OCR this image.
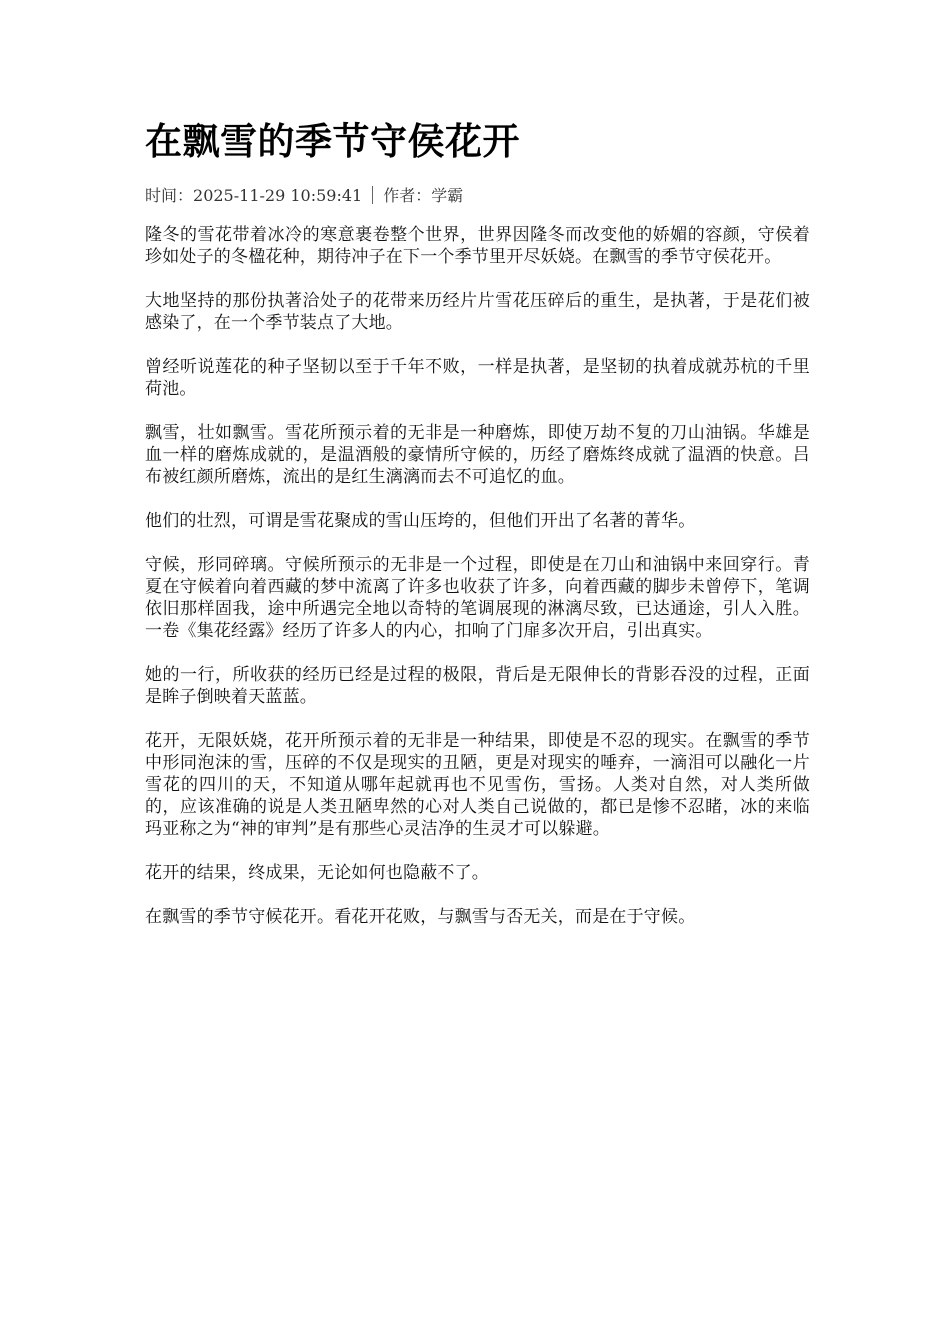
在飘雪的季节守侯花开
时间：2025-11-29 10:59:41 作者：学霸

隆冬的雪花带着冰冷的寒意裹卷整个世界，世界因隆冬而改变他的娇媚的容颜，守侯着珍如处子的冬楹花种，期待冲子在下一个季节里开尽妖娆。在飘雪的季节守侯花开。

大地坚持的那份执著洽处子的花带来历经片片雪花压碎后的重生，是执著，于是花们被感染了，在一个季节装点了大地。

曾经听说莲花的种子坚韧以至于千年不败，一样是执著，是坚韧的执着成就苏杭的千里荷池。

飘雪，壮如飘雪。雪花所预示着的无非是一种磨炼，即使万劫不复的刀山油锅。华雄是血一样的磨炼成就的，是温酒般的豪情所守候的，历经了磨炼终成就了温酒的快意。吕布被红颜所磨炼，流出的是红生漓漓而去不可追忆的血。

他们的壮烈，可谓是雪花聚成的雪山压垮的，但他们开出了名著的菁华。

守候，形同碎璃。守候所预示的无非是一个过程，即使是在刀山和油锅中来回穿行。青夏在守候着向着西藏的梦中流离了许多也收获了许多，向着西藏的脚步未曾停下，笔调依旧那样固我，途中所遇完全地以奇特的笔调展现的淋漓尽致，已达通途，引人入胜。一卷《集花经露》经历了许多人的内心，扣响了门扉多次开启，引出真实。

她的一行，所收获的经历已经是过程的极限，背后是无限伸长的背影吞没的过程，正面是眸子倒映着天蓝蓝。

花开，无限妖娆，花开所预示着的无非是一种结果，即使是不忍的现实。在飘雪的季节中形同泡沫的雪，压碎的不仅是现实的丑陋，更是对现实的唾弃，一滴泪可以融化一片雪花的四川的天，不知道从哪年起就再也不见雪伤，雪扬。人类对自然，对人类所做的，应该准确的说是人类丑陋卑然的心对人类自己说做的，都已是惨不忍睹，冰的来临玛亚称之为“神的审判”是有那些心灵洁净的生灵才可以躲避。

花开的结果，终成果，无论如何也隐蔽不了。

在飘雪的季节守候花开。看花开花败，与飘雪与否无关，而是在于守候。
